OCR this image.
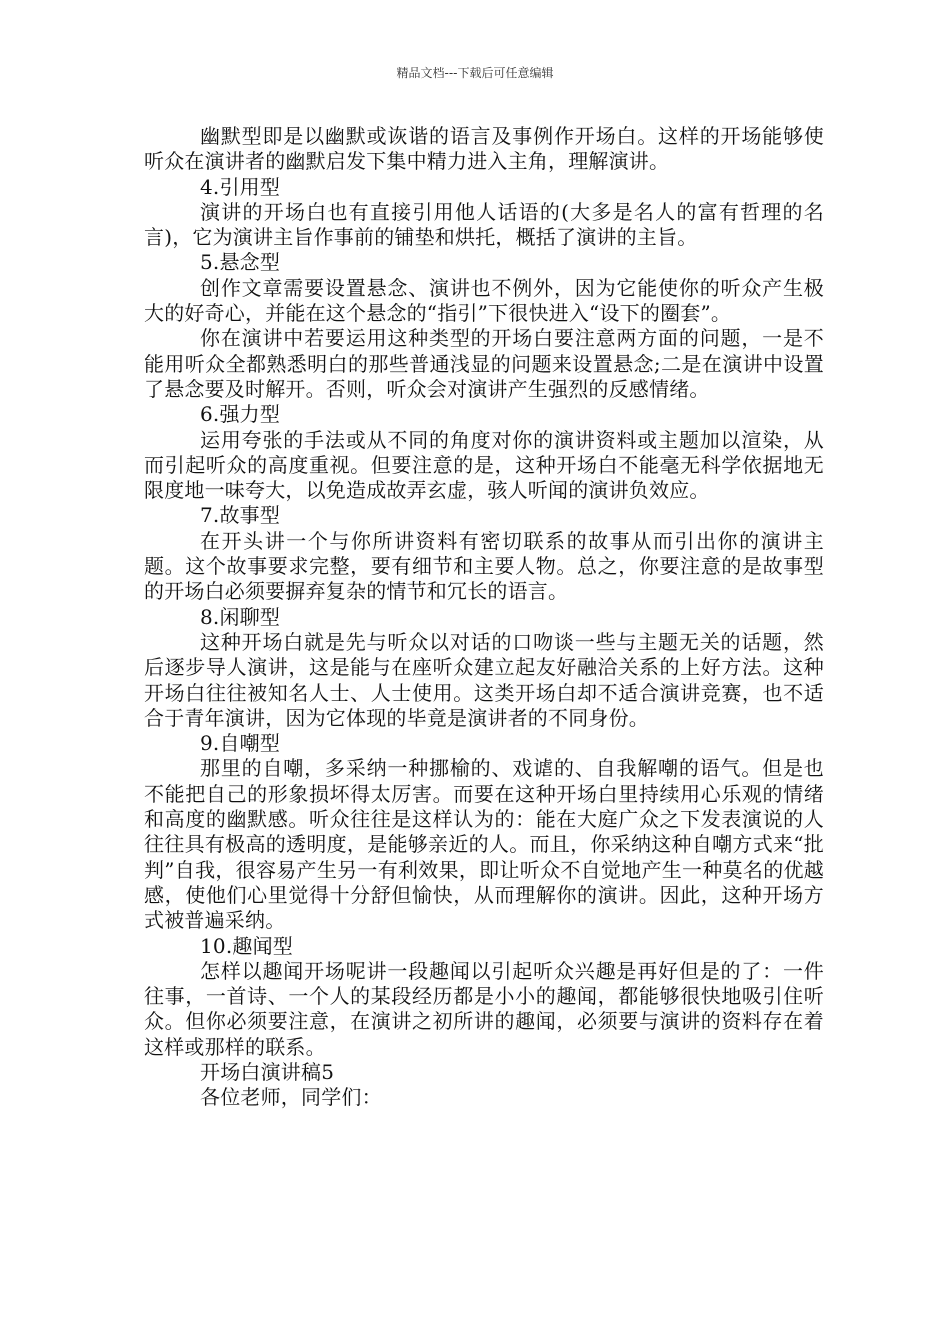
精品文档---下载后可任意编辑

幽默型即是以幽默或诙谐的语言及事例作开场白。这样的开场能够使听众在演讲者的幽默启发下集中精力进入主角，理解演讲。

4.引用型

演讲的开场白也有直接引用他人话语的(大多是名人的富有哲理的名言)，它为演讲主旨作事前的铺垫和烘托，概括了演讲的主旨。

5.悬念型

创作文章需要设置悬念、演讲也不例外，因为它能使你的听众产生极大的好奇心，并能在这个悬念的“指引”下很快进入“设下的圈套”。

你在演讲中若要运用这种类型的开场白要注意两方面的问题，一是不能用听众全都熟悉明白的那些普通浅显的问题来设置悬念;二是在演讲中设置了悬念要及时解开。否则，听众会对演讲产生强烈的反感情绪。

6.强力型

运用夸张的手法或从不同的角度对你的演讲资料或主题加以渲染，从而引起听众的高度重视。但要注意的是，这种开场白不能毫无科学依据地无限度地一味夸大，以免造成故弄玄虚，骇人听闻的演讲负效应。

7.故事型

在开头讲一个与你所讲资料有密切联系的故事从而引出你的演讲主题。这个故事要求完整，要有细节和主要人物。总之，你要注意的是故事型的开场白必须要摒弃复杂的情节和冗长的语言。

8.闲聊型

这种开场白就是先与听众以对话的口吻谈一些与主题无关的话题，然后逐步导人演讲，这是能与在座听众建立起友好融洽关系的上好方法。这种开场白往往被知名人士、人士使用。这类开场白却不适合演讲竞赛，也不适合于青年演讲，因为它体现的毕竟是演讲者的不同身份。

9.自嘲型

那里的自嘲，多采纳一种挪榆的、戏谑的、自我解嘲的语气。但是也不能把自己的形象损坏得太厉害。而要在这种开场白里持续用心乐观的情绪和高度的幽默感。听众往往是这样认为的：能在大庭广众之下发表演说的人往往具有极高的透明度，是能够亲近的人。而且，你采纳这种自嘲方式来“批判”自我，很容易产生另一有利效果，即让听众不自觉地产生一种莫名的优越感，使他们心里觉得十分舒但愉快，从而理解你的演讲。因此，这种开场方式被普遍采纳。

10.趣闻型

怎样以趣闻开场呢讲一段趣闻以引起听众兴趣是再好但是的了：一件往事，一首诗、一个人的某段经历都是小小的趣闻，都能够很快地吸引住听众。但你必须要注意，在演讲之初所讲的趣闻，必须要与演讲的资料存在着这样或那样的联系。

开场白演讲稿5

各位老师，同学们：
